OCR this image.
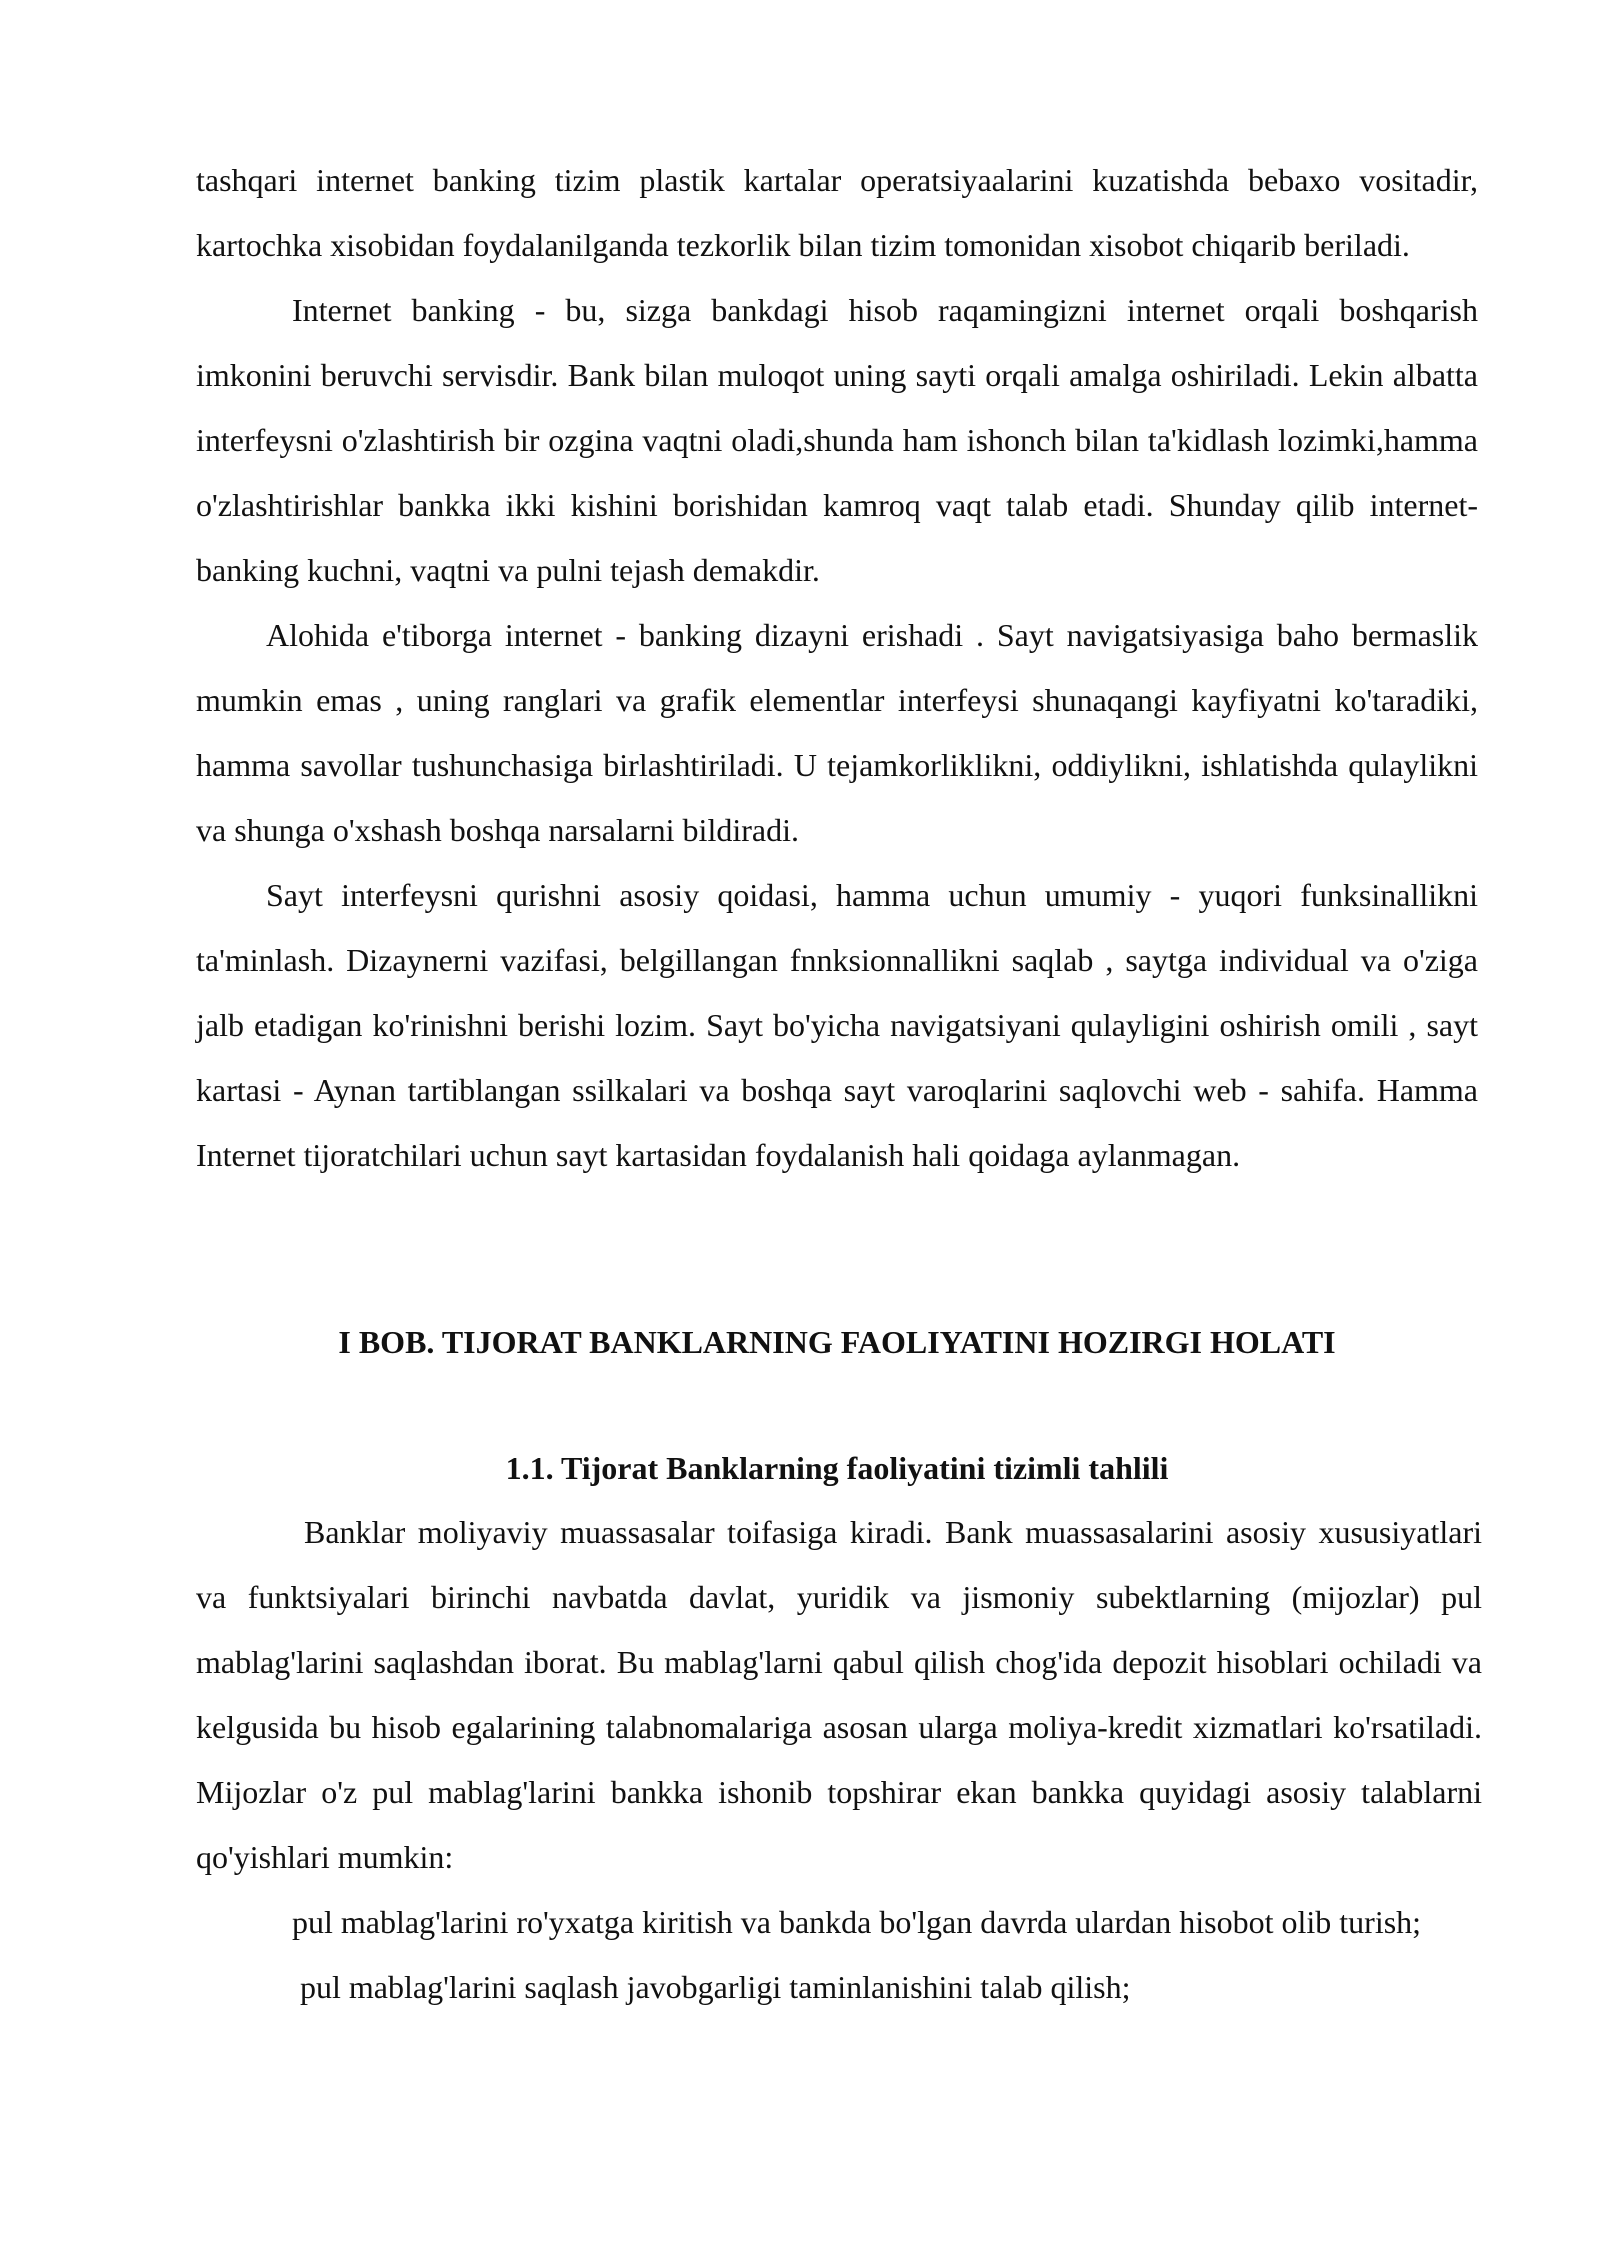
tashqari internet banking tizim plastik kartalar operatsiyaalarini kuzatishda bebaxo vositadir, kartochka xisobidan foydalanilganda tezkorlik bilan tizim tomonidan xisobot chiqarib beriladi.

Internet banking - bu, sizga bankdagi hisob raqamingizni internet orqali boshqarish imkonini beruvchi servisdir. Bank bilan muloqot uning sayti orqali amalga oshiriladi. Lekin albatta interfeysni o'zlashtirish bir ozgina vaqtni oladi,shunda ham ishonch bilan ta'kidlash lozimki,hamma o'zlashtirishlar bankka ikki kishini borishidan kamroq vaqt talab etadi. Shunday qilib internet-banking kuchni, vaqtni va pulni tejash demakdir.

Alohida e'tiborga internet - banking dizayni erishadi . Sayt navigatsiyasiga baho bermaslik mumkin emas , uning ranglari va grafik elementlar interfeysi shunaqangi kayfiyatni ko'taradiki, hamma savollar tushunchasiga birlashtiriladi. U tejamkorliklikni, oddiylikni, ishlatishda qulaylikni va shunga o'xshash boshqa narsalarni bildiradi.

Sayt interfeysni qurishni asosiy qoidasi, hamma uchun umumiy - yuqori funksinallikni ta'minlash. Dizaynerni vazifasi, belgillangan fnnksionnallikni saqlab , saytga individual va o'ziga jalb etadigan ko'rinishni berishi lozim. Sayt bo'yicha navigatsiyani qulayligini oshirish omili , sayt kartasi - Aynan tartiblangan ssilkalari va boshqa sayt varoqlarini saqlovchi web - sahifa. Hamma Internet tijoratchilari uchun sayt kartasidan foydalanish hali qoidaga aylanmagan.

I BOB. TIJORAT BANKLARNING FAOLIYATINI HOZIRGI HOLATI
1.1. Tijorat Banklarning faoliyatini tizimli tahlili

Banklar moliyaviy muassasalar toifasiga kiradi. Bank muassasalarini asosiy xususiyatlari va funktsiyalari birinchi navbatda davlat, yuridik va jismoniy subektlarning (mijozlar) pul mablag'larini saqlashdan iborat. Bu mablag'larni qabul qilish chog'ida depozit hisoblari ochiladi va kelgusida bu hisob egalarining talabnomalariga asosan ularga moliya-kredit xizmatlari ko'rsatiladi. Mijozlar o'z pul mablag'larini bankka ishonib topshirar ekan bankka quyidagi asosiy talablarni qo'yishlari mumkin:

pul mablag'larini ro'yxatga kiritish va bankda bo'lgan davrda ulardan hisobot olib turish;

pul mablag'larini saqlash javobgarligi taminlanishini talab qilish;
